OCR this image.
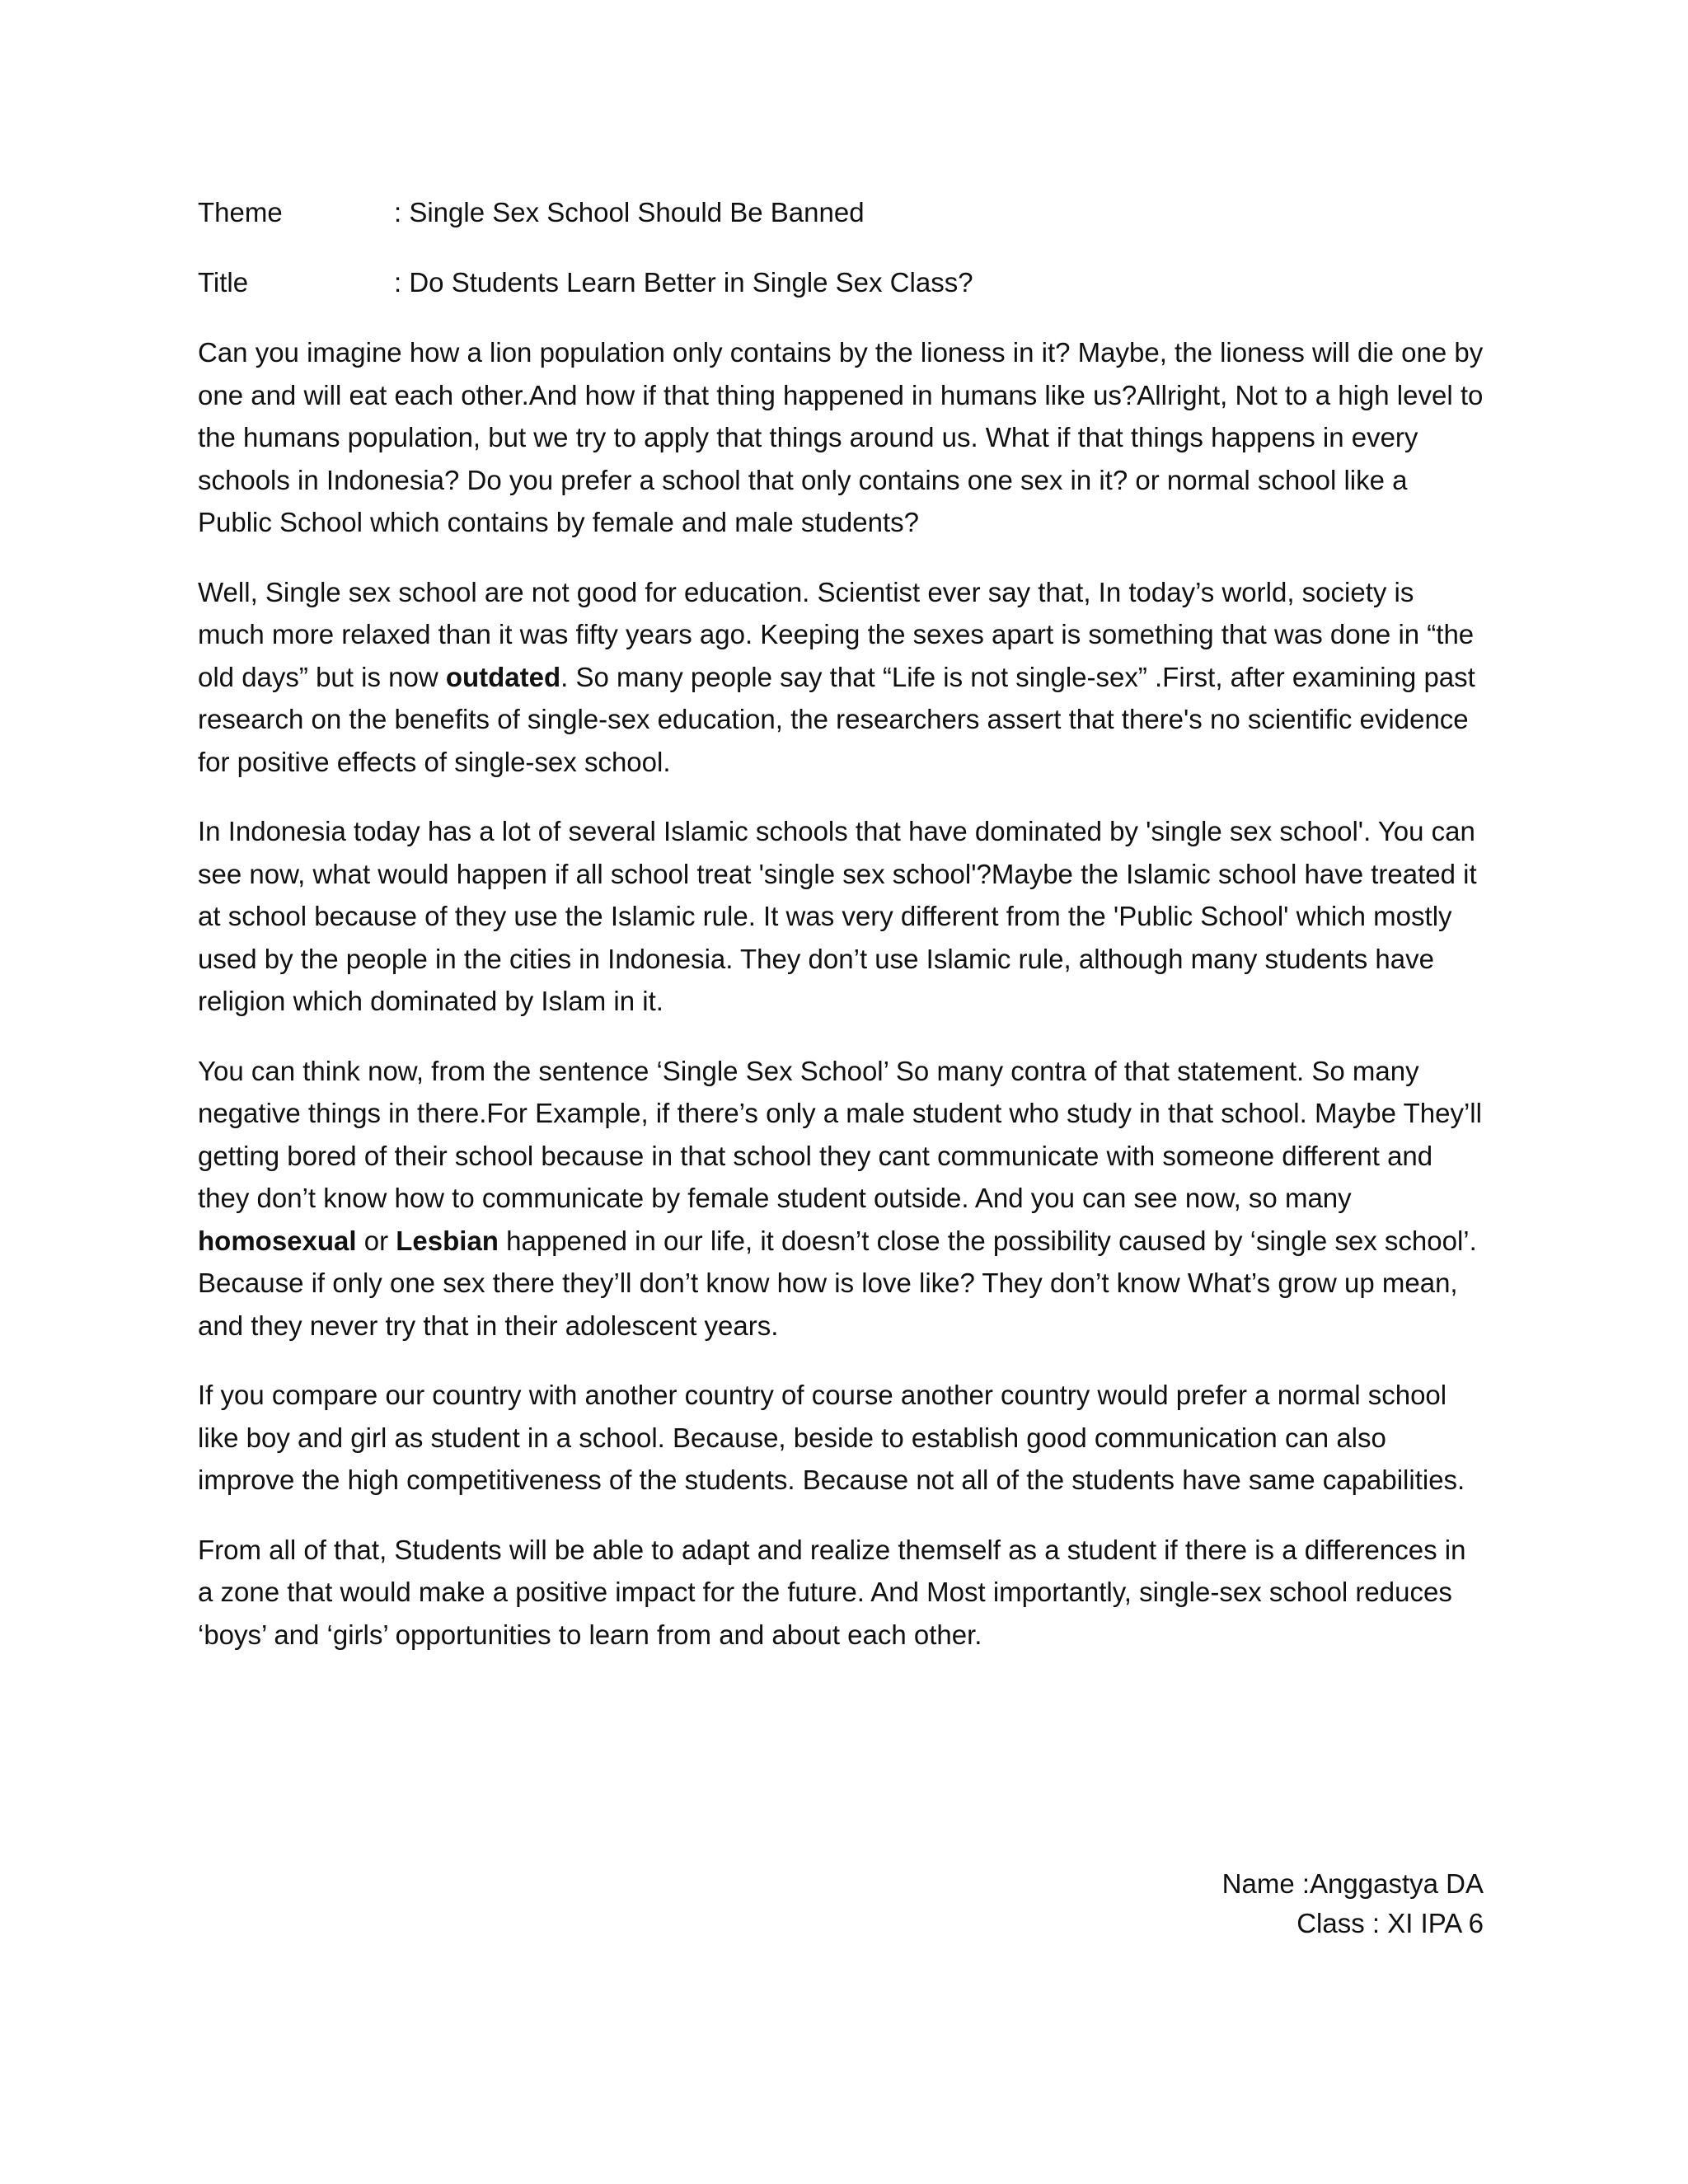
Theme	: Single Sex School Should Be Banned
Title	: Do Students Learn Better in Single Sex Class?

Can you imagine how a lion population only contains by the lioness in it? Maybe, the lioness will die one by one and will eat each other.And how if that thing happened in humans like us?Allright, Not to a high level to the humans population, but we try to apply that things around us. What if that things happens in every schools in Indonesia? Do you prefer a school that only contains one sex in it? or normal school like a Public School which contains by female and male students?

Well, Single sex school are not good for education. Scientist ever say that, In today’s world, society is much more relaxed than it was fifty years ago. Keeping the sexes apart is something that was done in “the old days” but is now outdated. So many people say that “Life is not single-sex” .First, after examining past research on the benefits of single-sex education, the researchers assert that there's no scientific evidence for positive effects of single-sex school.

In Indonesia today has a lot of several Islamic schools that have dominated by 'single sex school'. You can see now, what would happen if all school treat 'single sex school'?Maybe the Islamic school have treated it at school because of they use the Islamic rule. It was very different from the 'Public School' which mostly used by the people in the cities in Indonesia. They don’t use Islamic rule, although many students have religion which dominated by Islam in it.

You can think now, from the sentence ‘Single Sex School’ So many contra of that statement. So many negative things in there.For Example, if there’s only a male student who study in that school. Maybe They’ll getting bored of their school because in that school they cant communicate with someone different and they don’t know how to communicate by female student outside. And you can see now, so many homosexual or Lesbian happened in our life, it doesn’t close the possibility caused by ‘single sex school’. Because if only one sex there they’ll don’t know how is love like? They don’t know What’s grow up mean, and they never try that in their adolescent years.

If you compare our country with another country of course another country would prefer a normal school like boy and girl as student in a school. Because, beside to establish good communication can also improve the high competitiveness of the students. Because not all of the students have same capabilities.

From all of that, Students will be able to adapt and realize themself as a student if there is a differences in a zone that would make a positive impact for the future. And Most importantly, single-sex school reduces ‘boys’ and ‘girls’ opportunities to learn from and about each other.

Name :Anggastya DA
Class : XI IPA 6
